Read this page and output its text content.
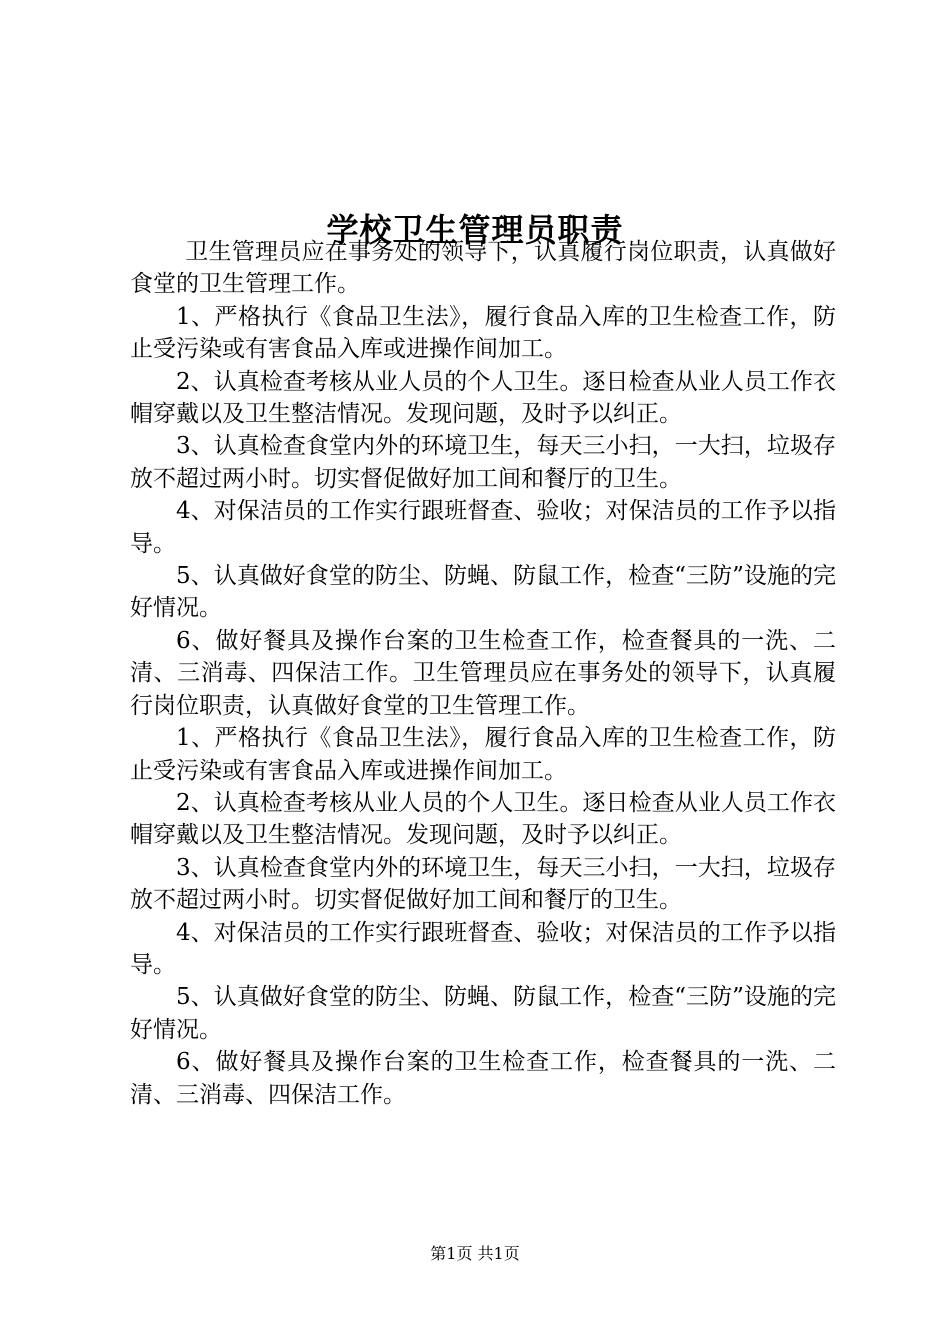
学校卫生管理员职责

卫生管理员应在事务处的领导下，认真履行岗位职责，认真做好食堂的卫生管理工作。

1、严格执行《食品卫生法》，履行食品入库的卫生检查工作，防止受污染或有害食品入库或进操作间加工。

2、认真检查考核从业人员的个人卫生。逐日检查从业人员工作衣帽穿戴以及卫生整洁情况。发现问题，及时予以纠正。

3、认真检查食堂内外的环境卫生，每天三小扫，一大扫，垃圾存放不超过两小时。切实督促做好加工间和餐厅的卫生。

4、对保洁员的工作实行跟班督查、验收；对保洁员的工作予以指导。

5、认真做好食堂的防尘、防蝇、防鼠工作，检查“三防”设施的完好情况。

6、做好餐具及操作台案的卫生检查工作，检查餐具的一洗、二清、三消毒、四保洁工作。卫生管理员应在事务处的领导下，认真履行岗位职责，认真做好食堂的卫生管理工作。

1、严格执行《食品卫生法》，履行食品入库的卫生检查工作，防止受污染或有害食品入库或进操作间加工。

2、认真检查考核从业人员的个人卫生。逐日检查从业人员工作衣帽穿戴以及卫生整洁情况。发现问题，及时予以纠正。

3、认真检查食堂内外的环境卫生，每天三小扫，一大扫，垃圾存放不超过两小时。切实督促做好加工间和餐厅的卫生。

4、对保洁员的工作实行跟班督查、验收；对保洁员的工作予以指导。

5、认真做好食堂的防尘、防蝇、防鼠工作，检查“三防”设施的完好情况。

6、做好餐具及操作台案的卫生检查工作，检查餐具的一洗、二清、三消毒、四保洁工作。

第1页 共1页
